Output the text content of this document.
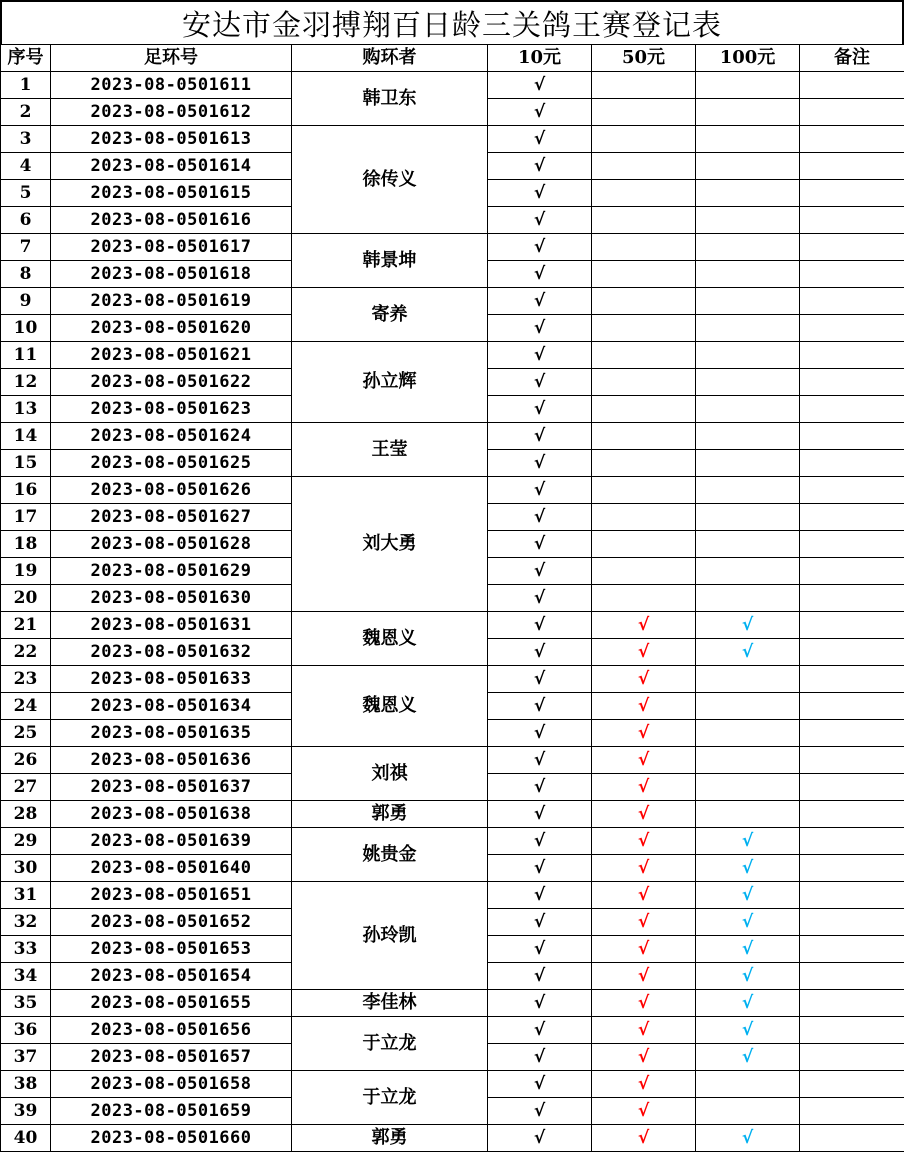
安达市金羽搏翔百日龄三关鸽王赛登记表
序号	足环号	购环者	10元	50元	100元	备注
1	2023-08-0501611	韩卫东	√			
2	2023-08-0501612		√			
3	2023-08-0501613	徐传义	√			
4	2023-08-0501614		√			
5	2023-08-0501615		√			
6	2023-08-0501616		√			
7	2023-08-0501617	韩景坤	√			
8	2023-08-0501618		√			
9	2023-08-0501619	寄养	√			
10	2023-08-0501620		√			
11	2023-08-0501621	孙立辉	√			
12	2023-08-0501622		√			
13	2023-08-0501623		√			
14	2023-08-0501624	王莹	√			
15	2023-08-0501625		√			
16	2023-08-0501626	刘大勇	√			
17	2023-08-0501627		√			
18	2023-08-0501628		√			
19	2023-08-0501629		√			
20	2023-08-0501630		√			
21	2023-08-0501631	魏恩义	√	√	√	
22	2023-08-0501632		√	√	√	
23	2023-08-0501633	魏恩义	√	√		
24	2023-08-0501634		√	√		
25	2023-08-0501635		√	√		
26	2023-08-0501636	刘祺	√	√		
27	2023-08-0501637		√	√		
28	2023-08-0501638	郭勇	√	√		
29	2023-08-0501639	姚贵金	√	√	√	
30	2023-08-0501640		√	√	√	
31	2023-08-0501651	孙玲凯	√	√	√	
32	2023-08-0501652		√	√	√	
33	2023-08-0501653		√	√	√	
34	2023-08-0501654		√	√	√	
35	2023-08-0501655	李佳林	√	√	√	
36	2023-08-0501656	于立龙	√	√	√	
37	2023-08-0501657		√	√	√	
38	2023-08-0501658	于立龙	√	√		
39	2023-08-0501659		√	√		
40	2023-08-0501660	郭勇	√	√	√	
